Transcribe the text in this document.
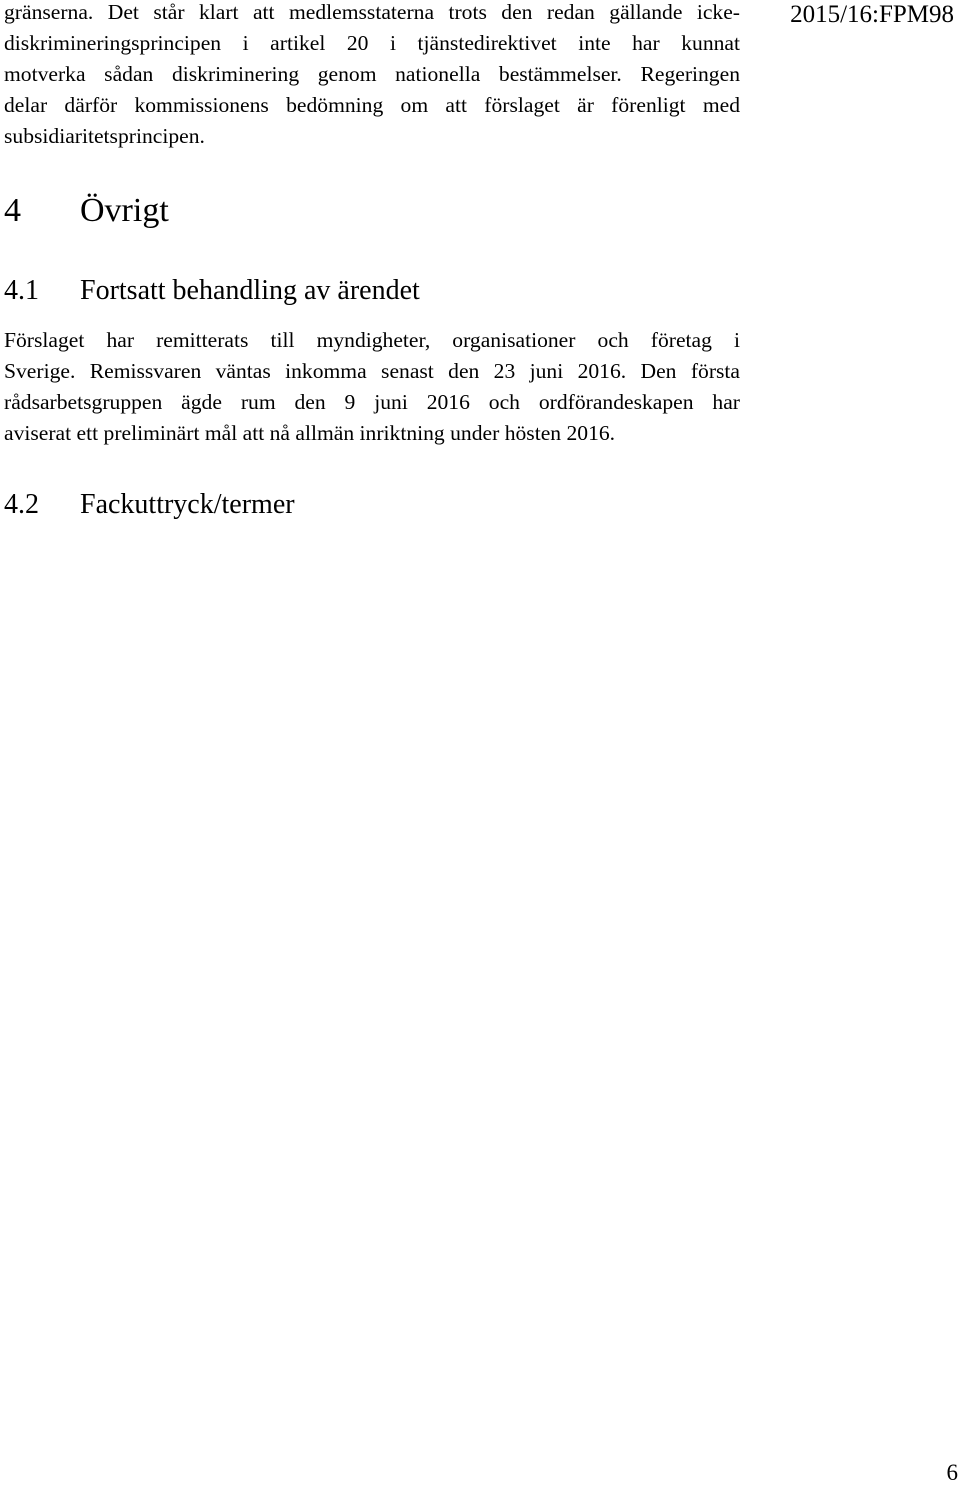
2015/16:FPM98

gränserna. Det står klart att medlemsstaterna trots den redan gällande icke-
diskrimineringsprincipen i artikel 20 i tjänstedirektivet inte har kunnat
motverka sådan diskriminering genom nationella bestämmelser. Regeringen
delar därför kommissionens bedömning om att förslaget är förenligt med
subsidiaritetsprincipen.

4 Övrigt
4.1 Fortsatt behandling av ärendet

Förslaget har remitterats till myndigheter, organisationer och företag i
Sverige. Remissvaren väntas inkomma senast den 23 juni 2016. Den första
rådsarbetsgruppen ägde rum den 9 juni 2016 och ordförandeskapen har
aviserat ett preliminärt mål att nå allmän inriktning under hösten 2016.

4.2 Fackuttryck/termer
6
